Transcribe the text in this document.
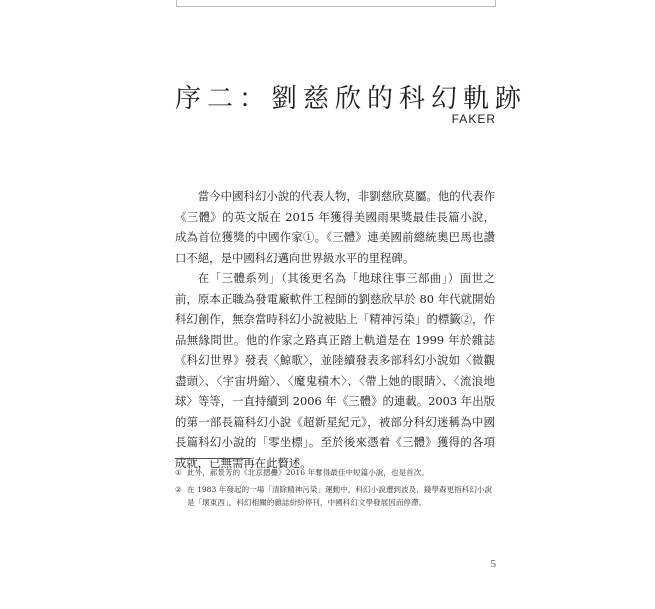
序二：劉慈欣的科幻軌跡
FAKER

當今中國科幻小說的代表人物，非劉慈欣莫屬。他的代表作《三體》的英文版在 2015 年獲得美國雨果獎最佳長篇小說，成為首位獲獎的中國作家①。《三體》連美國前總統奧巴馬也讚口不絕，是中國科幻邁向世界級水平的里程碑。

在「三體系列」（其後更名為「地球往事三部曲」）面世之前，原本正職為發電廠軟件工程師的劉慈欣早於 80 年代就開始科幻創作，無奈當時科幻小說被貼上「精神污染」的標籤②，作品無緣問世。他的作家之路真正踏上軌道是在 1999 年於雜誌《科幻世界》發表〈鯨歌〉，並陸續發表多部科幻小說如〈微觀盡頭〉、〈宇宙坍縮〉、〈魔鬼積木〉、〈帶上她的眼睛〉、〈流浪地球〉等等，一直持續到 2006 年《三體》的連載。2003 年出版的第一部長篇科幻小說《超新星紀元》，被部分科幻迷稱為中國長篇科幻小說的「零坐標」。至於後來憑着《三體》獲得的各項成就，已無需再在此贅述。

① 此外，郝景芳的《北京摺疊》2016 年奪得最佳中短篇小說，也是首次。
② 在 1983 年發起的一場「清除精神污染」運動中，科幻小說遭到波及，錢學森更指科幻小說是「壞東西」，科幻相關的雜誌紛紛停刊，中國科幻文學發展因而停滯。
5
